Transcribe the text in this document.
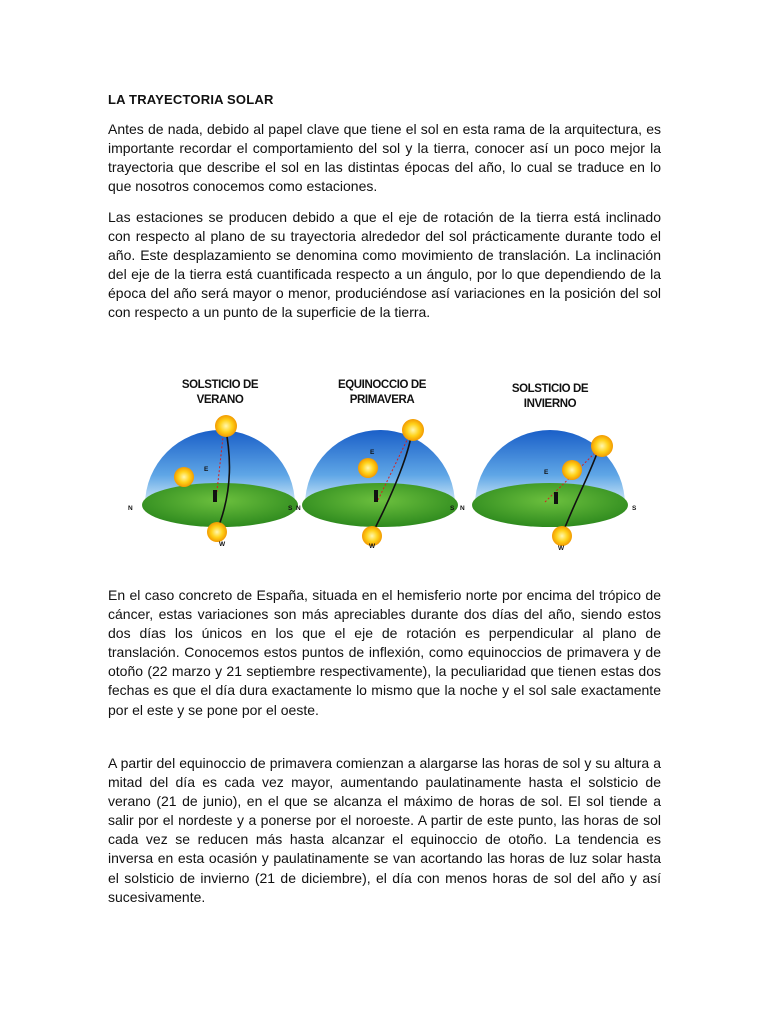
LA TRAYECTORIA SOLAR

Antes de nada, debido al papel clave que tiene el sol en esta rama de la arquitectura, es importante recordar el comportamiento del sol y la tierra, conocer así un poco mejor la trayectoria que describe el sol en las distintas épocas del año, lo cual se traduce en lo que nosotros conocemos como estaciones.

Las estaciones se producen debido a que el eje de rotación de la tierra está inclinado con respecto al plano de su trayectoria alrededor del sol prácticamente durante todo el año. Este desplazamiento se denomina como movimiento de translación. La inclinación del eje de la tierra está cuantificada respecto a un ángulo, por lo que dependiendo de la época del año será mayor o menor, produciéndose así variaciones en la posición del sol con respecto a un punto de la superficie de la tierra.

SOLSTICIO DE
VERANO
N	S
E
W
EQUINOCCIO DE
PRIMAVERA
N	S
E
W
SOLSTICIO DE
INVIERNO
N	S
E
W

En el caso concreto de España, situada en el hemisferio norte por encima del trópico de cáncer, estas variaciones son más apreciables durante dos días del año, siendo estos dos días los únicos en los que el eje de rotación es perpendicular al plano de translación. Conocemos estos puntos de inflexión, como equinoccios de primavera y de otoño (22 marzo y 21 septiembre respectivamente), la peculiaridad que tienen estas dos fechas es que el día dura exactamente lo mismo que la noche y el sol sale exactamente por el este y se pone por el oeste.

A partir del equinoccio de primavera comienzan a alargarse las horas de sol y su altura a mitad del día es cada vez mayor, aumentando paulatinamente hasta el solsticio de verano (21 de junio), en el que se alcanza el máximo de horas de sol. El sol tiende a salir por el nordeste y a ponerse por el noroeste. A partir de este punto, las horas de sol cada vez se reducen más hasta alcanzar el equinoccio de otoño. La tendencia es inversa en esta ocasión y paulatinamente se van acortando las horas de luz solar hasta el solsticio de invierno (21 de diciembre), el día con menos horas de sol del año y así sucesivamente.
